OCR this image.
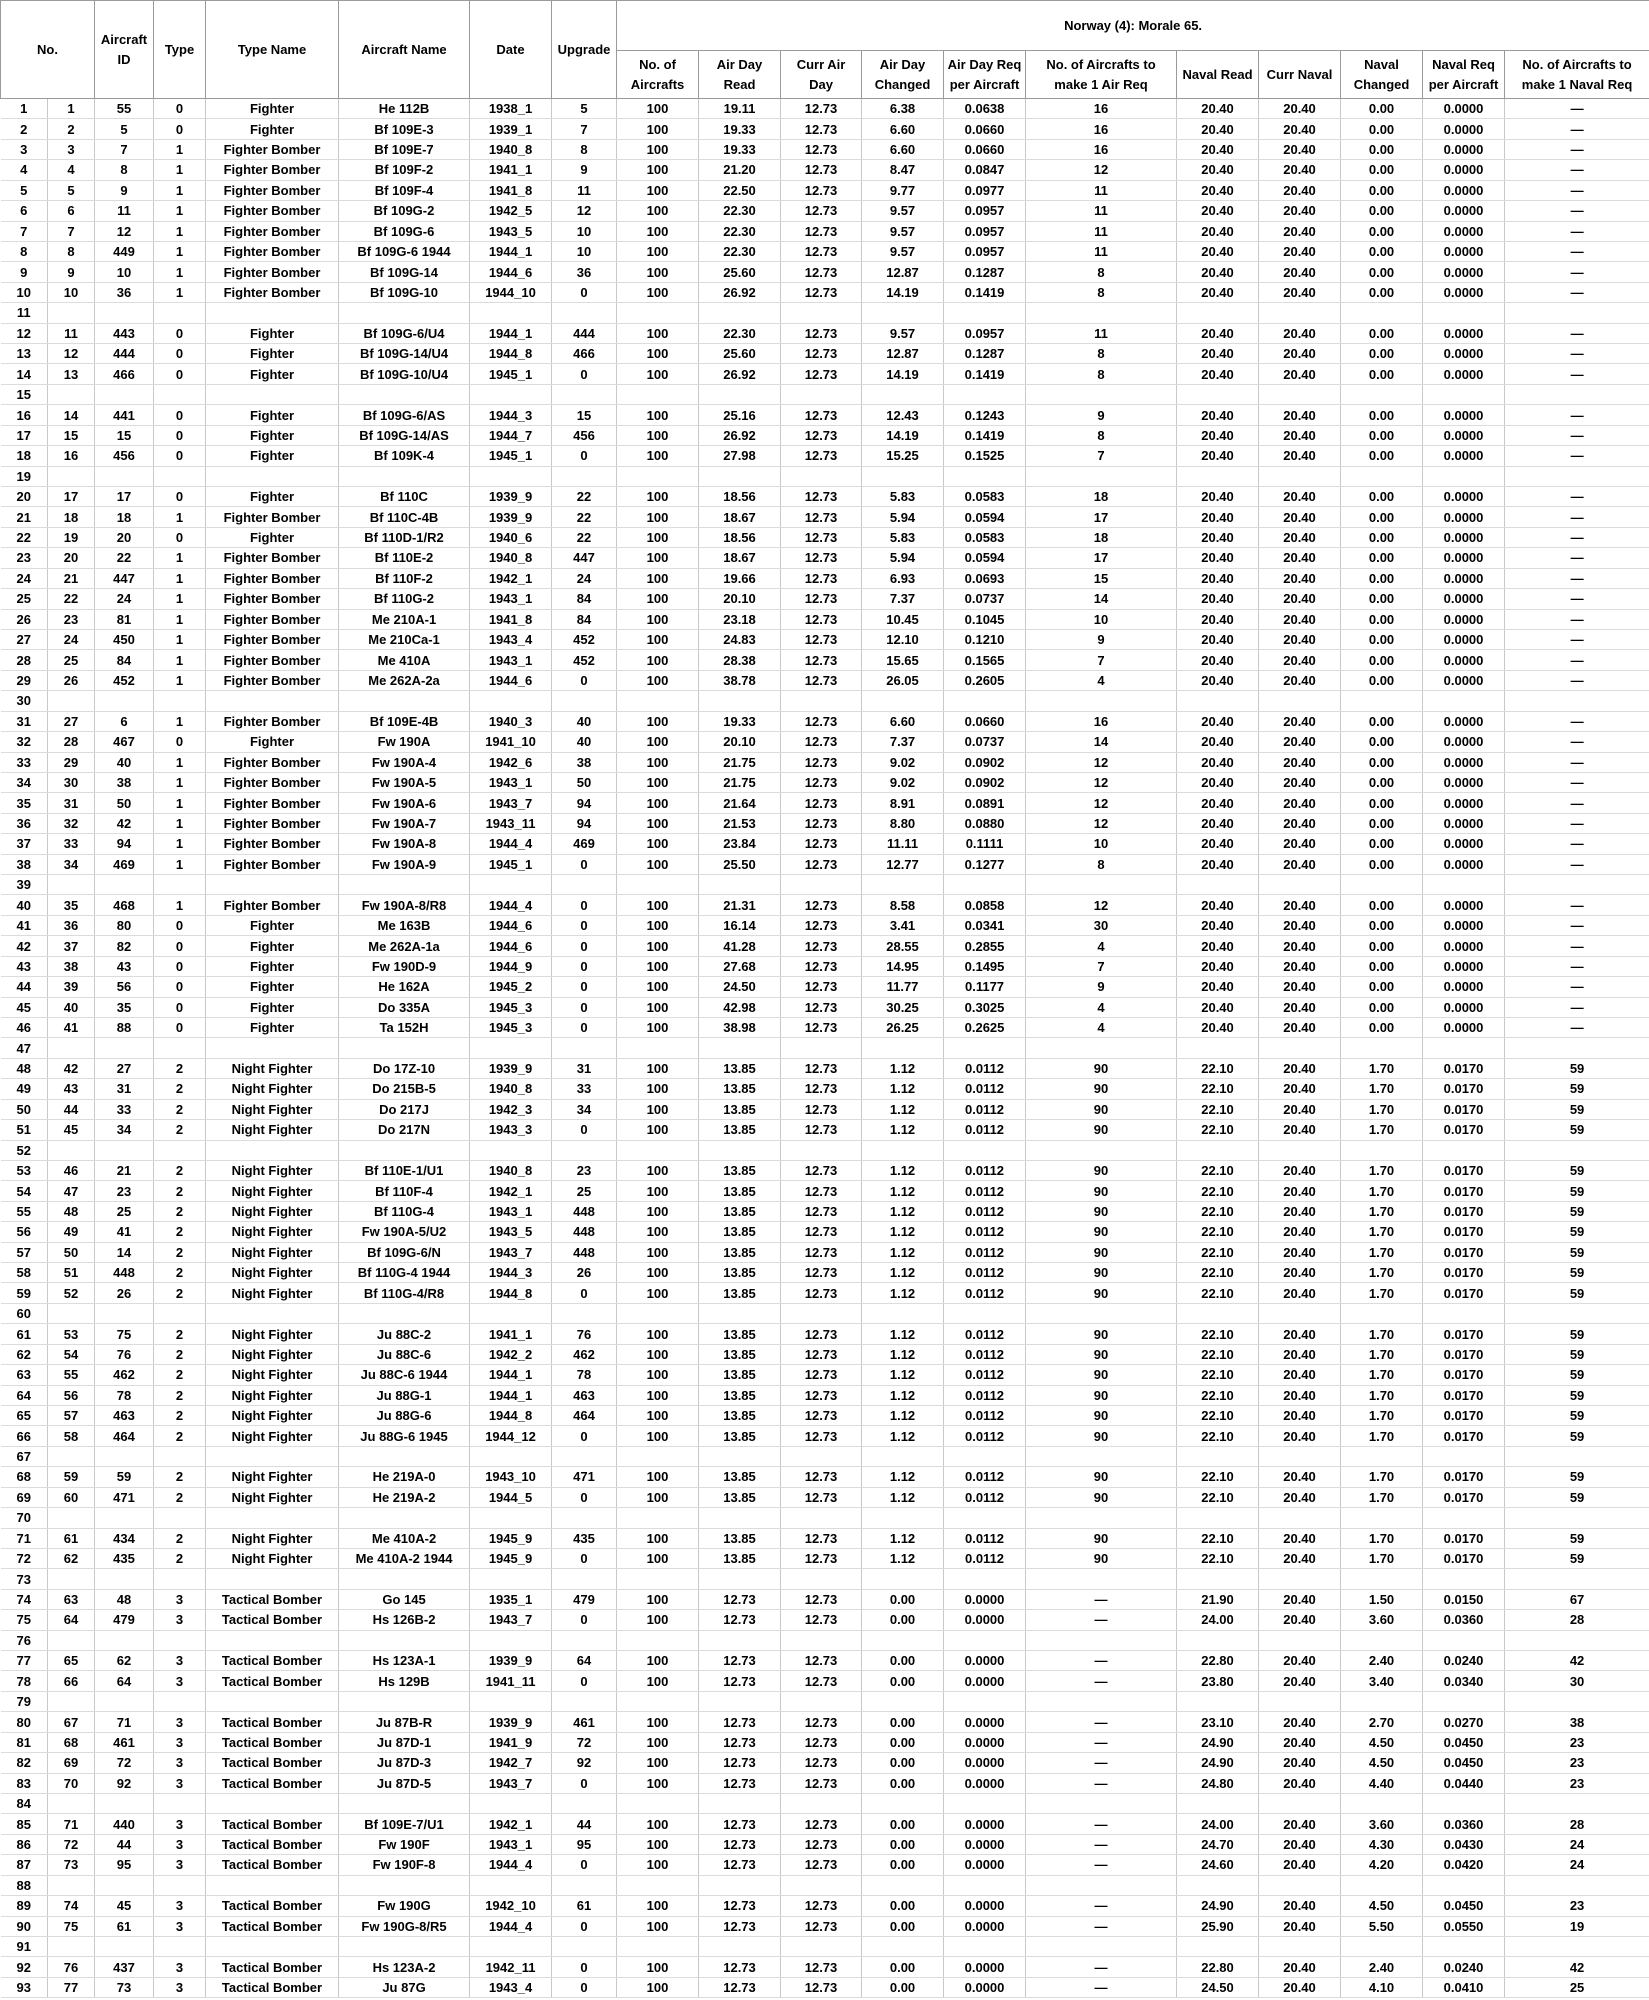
No.		Aircraft ID	Type	Type Name	Aircraft Name	Date	Upgrade	Norway (4): Morale 65.										
								No. of Aircrafts	Air Day Read	Curr Air Day	Air Day Changed	Air Day Req per Aircraft	No. of Aircrafts to make 1 Air Req	Naval Read	Curr Naval	Naval Changed	Naval Req per Aircraft	No. of Aircrafts to make 1 Naval Req
1	1	55	0	Fighter	He 112B	1938_1	5	100	19.11	12.73	6.38	0.0638	16	20.40	20.40	0.00	0.0000	—
2	2	5	0	Fighter	Bf 109E-3	1939_1	7	100	19.33	12.73	6.60	0.0660	16	20.40	20.40	0.00	0.0000	—
3	3	7	1	Fighter Bomber	Bf 109E-7	1940_8	8	100	19.33	12.73	6.60	0.0660	16	20.40	20.40	0.00	0.0000	—
4	4	8	1	Fighter Bomber	Bf 109F-2	1941_1	9	100	21.20	12.73	8.47	0.0847	12	20.40	20.40	0.00	0.0000	—
5	5	9	1	Fighter Bomber	Bf 109F-4	1941_8	11	100	22.50	12.73	9.77	0.0977	11	20.40	20.40	0.00	0.0000	—
6	6	11	1	Fighter Bomber	Bf 109G-2	1942_5	12	100	22.30	12.73	9.57	0.0957	11	20.40	20.40	0.00	0.0000	—
7	7	12	1	Fighter Bomber	Bf 109G-6	1943_5	10	100	22.30	12.73	9.57	0.0957	11	20.40	20.40	0.00	0.0000	—
8	8	449	1	Fighter Bomber	Bf 109G-6 1944	1944_1	10	100	22.30	12.73	9.57	0.0957	11	20.40	20.40	0.00	0.0000	—
9	9	10	1	Fighter Bomber	Bf 109G-14	1944_6	36	100	25.60	12.73	12.87	0.1287	8	20.40	20.40	0.00	0.0000	—
10	10	36	1	Fighter Bomber	Bf 109G-10	1944_10	0	100	26.92	12.73	14.19	0.1419	8	20.40	20.40	0.00	0.0000	—
11																		
12	11	443	0	Fighter	Bf 109G-6/U4	1944_1	444	100	22.30	12.73	9.57	0.0957	11	20.40	20.40	0.00	0.0000	—
13	12	444	0	Fighter	Bf 109G-14/U4	1944_8	466	100	25.60	12.73	12.87	0.1287	8	20.40	20.40	0.00	0.0000	—
14	13	466	0	Fighter	Bf 109G-10/U4	1945_1	0	100	26.92	12.73	14.19	0.1419	8	20.40	20.40	0.00	0.0000	—
15																		
16	14	441	0	Fighter	Bf 109G-6/AS	1944_3	15	100	25.16	12.73	12.43	0.1243	9	20.40	20.40	0.00	0.0000	—
17	15	15	0	Fighter	Bf 109G-14/AS	1944_7	456	100	26.92	12.73	14.19	0.1419	8	20.40	20.40	0.00	0.0000	—
18	16	456	0	Fighter	Bf 109K-4	1945_1	0	100	27.98	12.73	15.25	0.1525	7	20.40	20.40	0.00	0.0000	—
19																		
20	17	17	0	Fighter	Bf 110C	1939_9	22	100	18.56	12.73	5.83	0.0583	18	20.40	20.40	0.00	0.0000	—
21	18	18	1	Fighter Bomber	Bf 110C-4B	1939_9	22	100	18.67	12.73	5.94	0.0594	17	20.40	20.40	0.00	0.0000	—
22	19	20	0	Fighter	Bf 110D-1/R2	1940_6	22	100	18.56	12.73	5.83	0.0583	18	20.40	20.40	0.00	0.0000	—
23	20	22	1	Fighter Bomber	Bf 110E-2	1940_8	447	100	18.67	12.73	5.94	0.0594	17	20.40	20.40	0.00	0.0000	—
24	21	447	1	Fighter Bomber	Bf 110F-2	1942_1	24	100	19.66	12.73	6.93	0.0693	15	20.40	20.40	0.00	0.0000	—
25	22	24	1	Fighter Bomber	Bf 110G-2	1943_1	84	100	20.10	12.73	7.37	0.0737	14	20.40	20.40	0.00	0.0000	—
26	23	81	1	Fighter Bomber	Me 210A-1	1941_8	84	100	23.18	12.73	10.45	0.1045	10	20.40	20.40	0.00	0.0000	—
27	24	450	1	Fighter Bomber	Me 210Ca-1	1943_4	452	100	24.83	12.73	12.10	0.1210	9	20.40	20.40	0.00	0.0000	—
28	25	84	1	Fighter Bomber	Me 410A	1943_1	452	100	28.38	12.73	15.65	0.1565	7	20.40	20.40	0.00	0.0000	—
29	26	452	1	Fighter Bomber	Me 262A-2a	1944_6	0	100	38.78	12.73	26.05	0.2605	4	20.40	20.40	0.00	0.0000	—
30																		
31	27	6	1	Fighter Bomber	Bf 109E-4B	1940_3	40	100	19.33	12.73	6.60	0.0660	16	20.40	20.40	0.00	0.0000	—
32	28	467	0	Fighter	Fw 190A	1941_10	40	100	20.10	12.73	7.37	0.0737	14	20.40	20.40	0.00	0.0000	—
33	29	40	1	Fighter Bomber	Fw 190A-4	1942_6	38	100	21.75	12.73	9.02	0.0902	12	20.40	20.40	0.00	0.0000	—
34	30	38	1	Fighter Bomber	Fw 190A-5	1943_1	50	100	21.75	12.73	9.02	0.0902	12	20.40	20.40	0.00	0.0000	—
35	31	50	1	Fighter Bomber	Fw 190A-6	1943_7	94	100	21.64	12.73	8.91	0.0891	12	20.40	20.40	0.00	0.0000	—
36	32	42	1	Fighter Bomber	Fw 190A-7	1943_11	94	100	21.53	12.73	8.80	0.0880	12	20.40	20.40	0.00	0.0000	—
37	33	94	1	Fighter Bomber	Fw 190A-8	1944_4	469	100	23.84	12.73	11.11	0.1111	10	20.40	20.40	0.00	0.0000	—
38	34	469	1	Fighter Bomber	Fw 190A-9	1945_1	0	100	25.50	12.73	12.77	0.1277	8	20.40	20.40	0.00	0.0000	—
39																		
40	35	468	1	Fighter Bomber	Fw 190A-8/R8	1944_4	0	100	21.31	12.73	8.58	0.0858	12	20.40	20.40	0.00	0.0000	—
41	36	80	0	Fighter	Me 163B	1944_6	0	100	16.14	12.73	3.41	0.0341	30	20.40	20.40	0.00	0.0000	—
42	37	82	0	Fighter	Me 262A-1a	1944_6	0	100	41.28	12.73	28.55	0.2855	4	20.40	20.40	0.00	0.0000	—
43	38	43	0	Fighter	Fw 190D-9	1944_9	0	100	27.68	12.73	14.95	0.1495	7	20.40	20.40	0.00	0.0000	—
44	39	56	0	Fighter	He 162A	1945_2	0	100	24.50	12.73	11.77	0.1177	9	20.40	20.40	0.00	0.0000	—
45	40	35	0	Fighter	Do 335A	1945_3	0	100	42.98	12.73	30.25	0.3025	4	20.40	20.40	0.00	0.0000	—
46	41	88	0	Fighter	Ta 152H	1945_3	0	100	38.98	12.73	26.25	0.2625	4	20.40	20.40	0.00	0.0000	—
47																		
48	42	27	2	Night Fighter	Do 17Z-10	1939_9	31	100	13.85	12.73	1.12	0.0112	90	22.10	20.40	1.70	0.0170	59
49	43	31	2	Night Fighter	Do 215B-5	1940_8	33	100	13.85	12.73	1.12	0.0112	90	22.10	20.40	1.70	0.0170	59
50	44	33	2	Night Fighter	Do 217J	1942_3	34	100	13.85	12.73	1.12	0.0112	90	22.10	20.40	1.70	0.0170	59
51	45	34	2	Night Fighter	Do 217N	1943_3	0	100	13.85	12.73	1.12	0.0112	90	22.10	20.40	1.70	0.0170	59
52																		
53	46	21	2	Night Fighter	Bf 110E-1/U1	1940_8	23	100	13.85	12.73	1.12	0.0112	90	22.10	20.40	1.70	0.0170	59
54	47	23	2	Night Fighter	Bf 110F-4	1942_1	25	100	13.85	12.73	1.12	0.0112	90	22.10	20.40	1.70	0.0170	59
55	48	25	2	Night Fighter	Bf 110G-4	1943_1	448	100	13.85	12.73	1.12	0.0112	90	22.10	20.40	1.70	0.0170	59
56	49	41	2	Night Fighter	Fw 190A-5/U2	1943_5	448	100	13.85	12.73	1.12	0.0112	90	22.10	20.40	1.70	0.0170	59
57	50	14	2	Night Fighter	Bf 109G-6/N	1943_7	448	100	13.85	12.73	1.12	0.0112	90	22.10	20.40	1.70	0.0170	59
58	51	448	2	Night Fighter	Bf 110G-4 1944	1944_3	26	100	13.85	12.73	1.12	0.0112	90	22.10	20.40	1.70	0.0170	59
59	52	26	2	Night Fighter	Bf 110G-4/R8	1944_8	0	100	13.85	12.73	1.12	0.0112	90	22.10	20.40	1.70	0.0170	59
60																		
61	53	75	2	Night Fighter	Ju 88C-2	1941_1	76	100	13.85	12.73	1.12	0.0112	90	22.10	20.40	1.70	0.0170	59
62	54	76	2	Night Fighter	Ju 88C-6	1942_2	462	100	13.85	12.73	1.12	0.0112	90	22.10	20.40	1.70	0.0170	59
63	55	462	2	Night Fighter	Ju 88C-6 1944	1944_1	78	100	13.85	12.73	1.12	0.0112	90	22.10	20.40	1.70	0.0170	59
64	56	78	2	Night Fighter	Ju 88G-1	1944_1	463	100	13.85	12.73	1.12	0.0112	90	22.10	20.40	1.70	0.0170	59
65	57	463	2	Night Fighter	Ju 88G-6	1944_8	464	100	13.85	12.73	1.12	0.0112	90	22.10	20.40	1.70	0.0170	59
66	58	464	2	Night Fighter	Ju 88G-6 1945	1944_12	0	100	13.85	12.73	1.12	0.0112	90	22.10	20.40	1.70	0.0170	59
67																		
68	59	59	2	Night Fighter	He 219A-0	1943_10	471	100	13.85	12.73	1.12	0.0112	90	22.10	20.40	1.70	0.0170	59
69	60	471	2	Night Fighter	He 219A-2	1944_5	0	100	13.85	12.73	1.12	0.0112	90	22.10	20.40	1.70	0.0170	59
70																		
71	61	434	2	Night Fighter	Me 410A-2	1945_9	435	100	13.85	12.73	1.12	0.0112	90	22.10	20.40	1.70	0.0170	59
72	62	435	2	Night Fighter	Me 410A-2 1944	1945_9	0	100	13.85	12.73	1.12	0.0112	90	22.10	20.40	1.70	0.0170	59
73																		
74	63	48	3	Tactical Bomber	Go 145	1935_1	479	100	12.73	12.73	0.00	0.0000	—	21.90	20.40	1.50	0.0150	67
75	64	479	3	Tactical Bomber	Hs 126B-2	1943_7	0	100	12.73	12.73	0.00	0.0000	—	24.00	20.40	3.60	0.0360	28
76																		
77	65	62	3	Tactical Bomber	Hs 123A-1	1939_9	64	100	12.73	12.73	0.00	0.0000	—	22.80	20.40	2.40	0.0240	42
78	66	64	3	Tactical Bomber	Hs 129B	1941_11	0	100	12.73	12.73	0.00	0.0000	—	23.80	20.40	3.40	0.0340	30
79																		
80	67	71	3	Tactical Bomber	Ju 87B-R	1939_9	461	100	12.73	12.73	0.00	0.0000	—	23.10	20.40	2.70	0.0270	38
81	68	461	3	Tactical Bomber	Ju 87D-1	1941_9	72	100	12.73	12.73	0.00	0.0000	—	24.90	20.40	4.50	0.0450	23
82	69	72	3	Tactical Bomber	Ju 87D-3	1942_7	92	100	12.73	12.73	0.00	0.0000	—	24.90	20.40	4.50	0.0450	23
83	70	92	3	Tactical Bomber	Ju 87D-5	1943_7	0	100	12.73	12.73	0.00	0.0000	—	24.80	20.40	4.40	0.0440	23
84																		
85	71	440	3	Tactical Bomber	Bf 109E-7/U1	1942_1	44	100	12.73	12.73	0.00	0.0000	—	24.00	20.40	3.60	0.0360	28
86	72	44	3	Tactical Bomber	Fw 190F	1943_1	95	100	12.73	12.73	0.00	0.0000	—	24.70	20.40	4.30	0.0430	24
87	73	95	3	Tactical Bomber	Fw 190F-8	1944_4	0	100	12.73	12.73	0.00	0.0000	—	24.60	20.40	4.20	0.0420	24
88																		
89	74	45	3	Tactical Bomber	Fw 190G	1942_10	61	100	12.73	12.73	0.00	0.0000	—	24.90	20.40	4.50	0.0450	23
90	75	61	3	Tactical Bomber	Fw 190G-8/R5	1944_4	0	100	12.73	12.73	0.00	0.0000	—	25.90	20.40	5.50	0.0550	19
91																		
92	76	437	3	Tactical Bomber	Hs 123A-2	1942_11	0	100	12.73	12.73	0.00	0.0000	—	22.80	20.40	2.40	0.0240	42
93	77	73	3	Tactical Bomber	Ju 87G	1943_4	0	100	12.73	12.73	0.00	0.0000	—	24.50	20.40	4.10	0.0410	25
